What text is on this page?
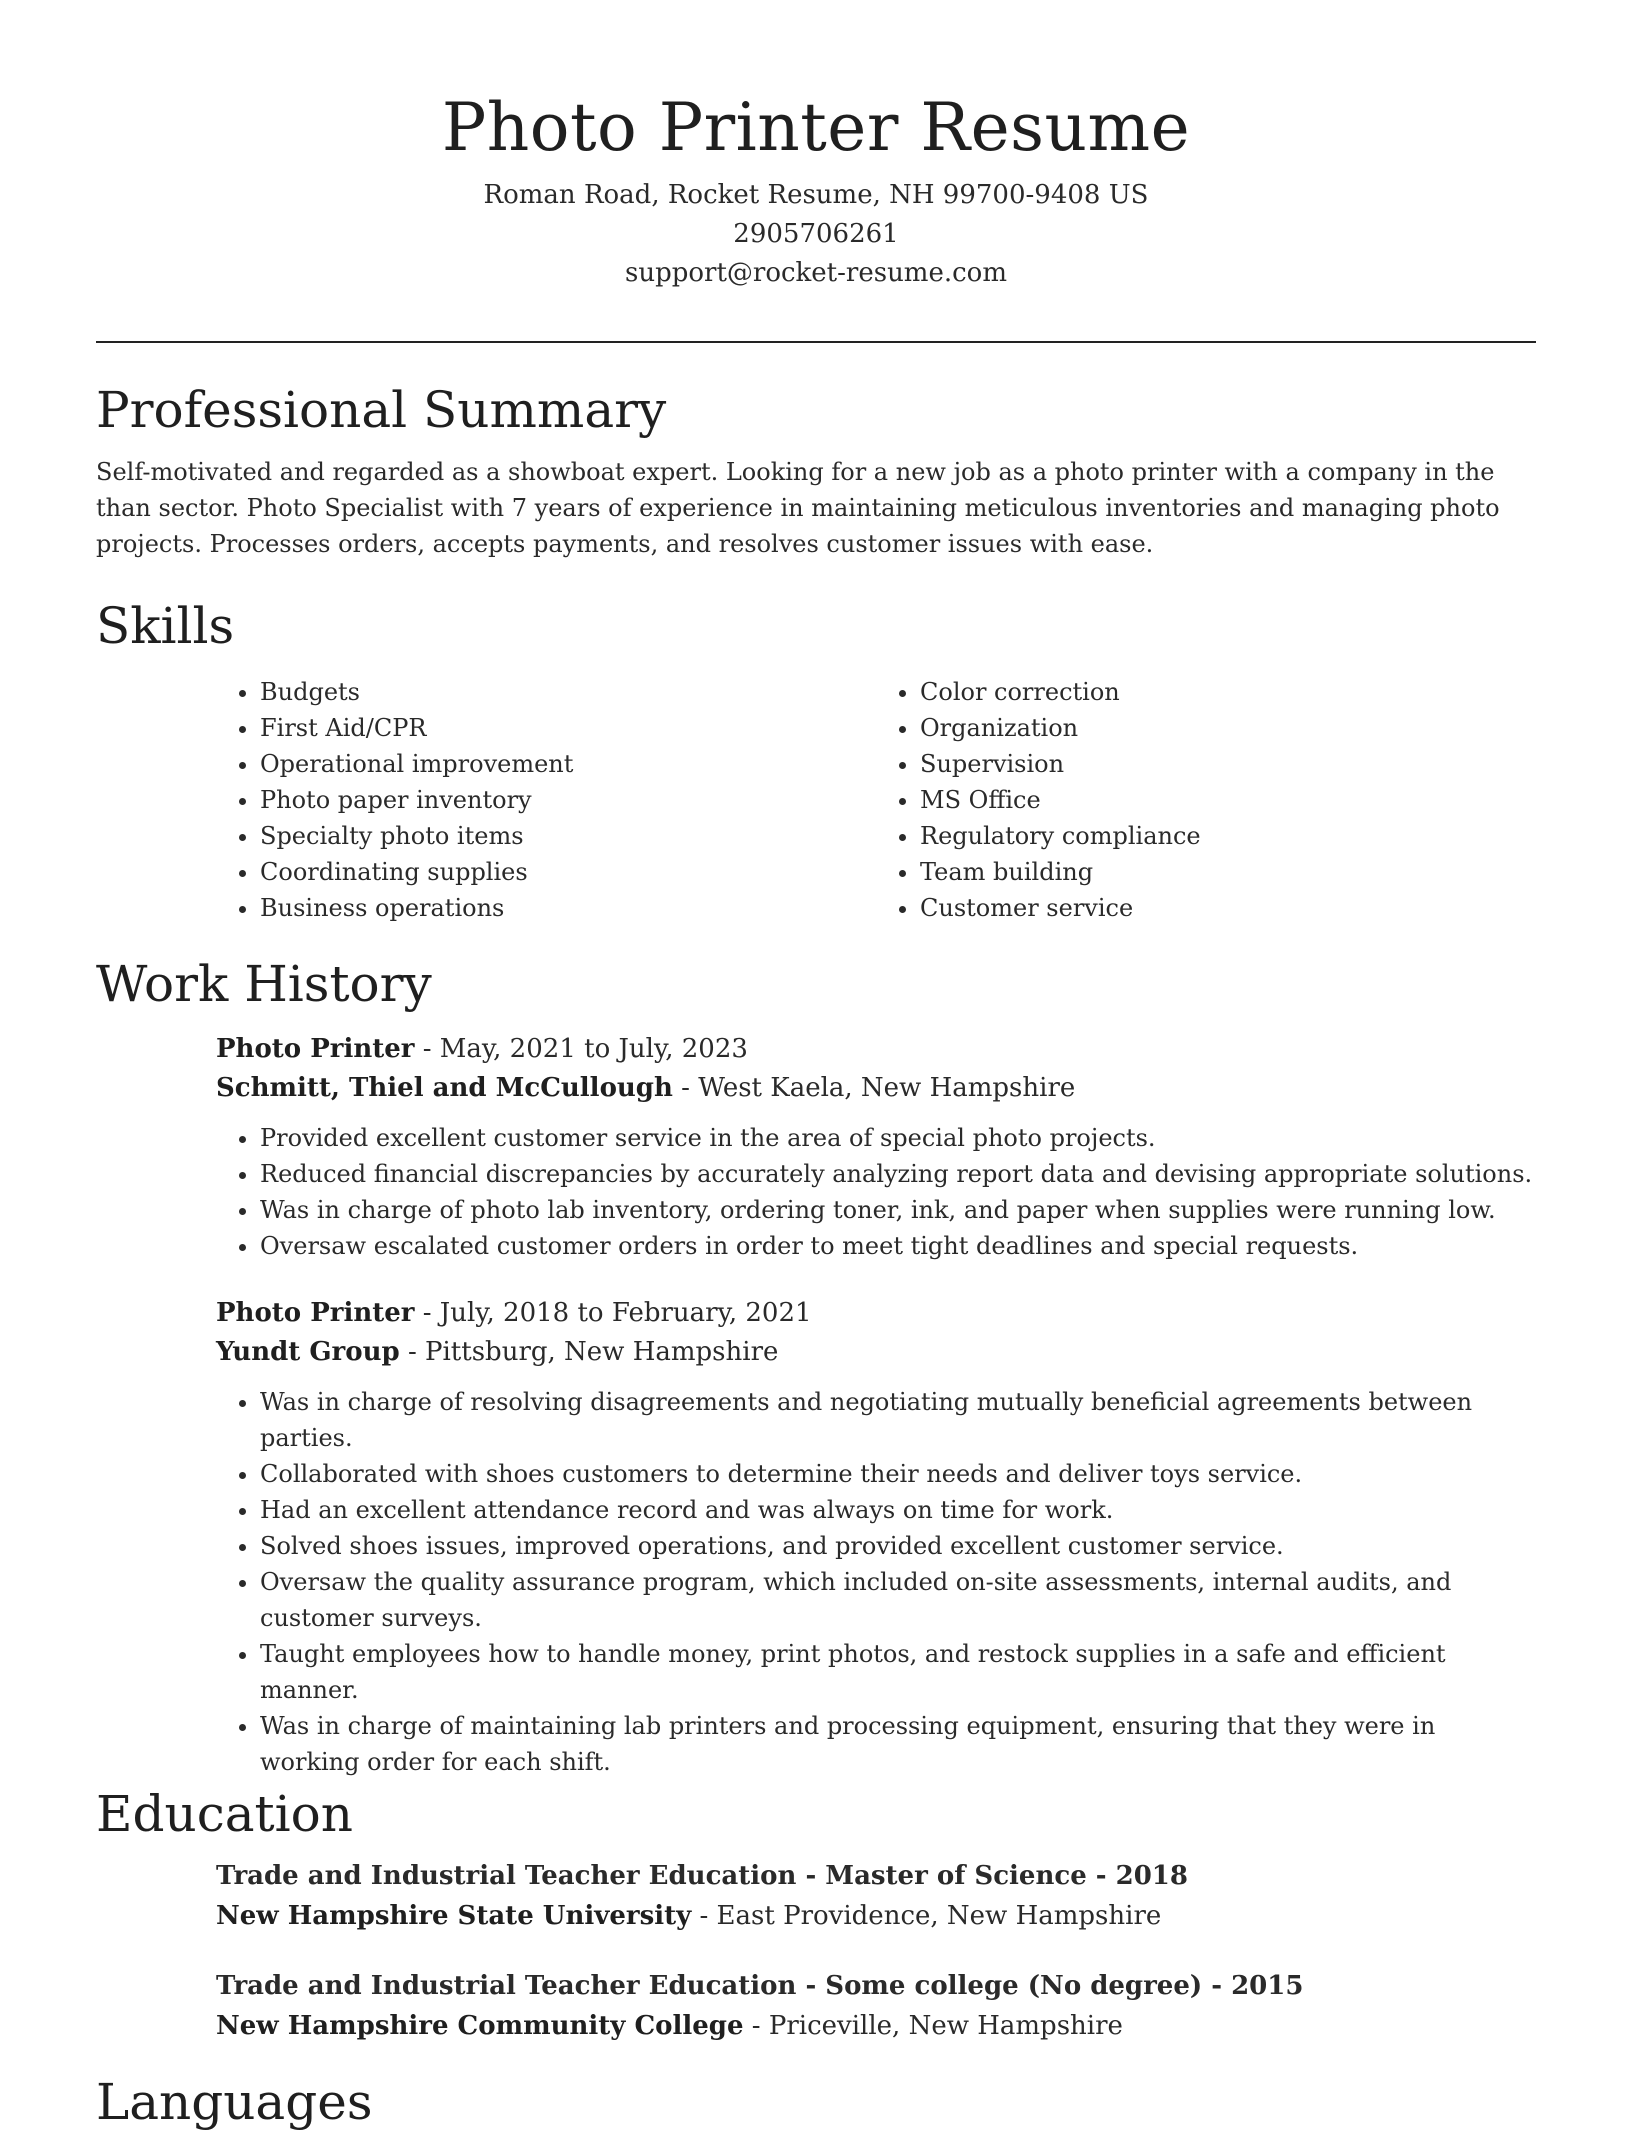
Photo Printer Resume
Roman Road, Rocket Resume, NH 99700-9408 US
2905706261
support@rocket-resume.com
Professional Summary

Self-motivated and regarded as a showboat expert. Looking for a new job as a photo printer with a company in the than sector. Photo Specialist with 7 years of experience in maintaining meticulous inventories and managing photo projects. Processes orders, accepts payments, and resolves customer issues with ease.

Skills
• Budgets
• First Aid/CPR
• Operational improvement
• Photo paper inventory
• Specialty photo items
• Coordinating supplies
• Business operations
• Color correction
• Organization
• Supervision
• MS Office
• Regulatory compliance
• Team building
• Customer service
Work History
Photo Printer - May, 2021 to July, 2023
Schmitt, Thiel and McCullough - West Kaela, New Hampshire
• Provided excellent customer service in the area of special photo projects.
• Reduced financial discrepancies by accurately analyzing report data and devising appropriate solutions.
• Was in charge of photo lab inventory, ordering toner, ink, and paper when supplies were running low.
• Oversaw escalated customer orders in order to meet tight deadlines and special requests.
Photo Printer - July, 2018 to February, 2021
Yundt Group - Pittsburg, New Hampshire
• Was in charge of resolving disagreements and negotiating mutually beneficial agreements between parties.
• Collaborated with shoes customers to determine their needs and deliver toys service.
• Had an excellent attendance record and was always on time for work.
• Solved shoes issues, improved operations, and provided excellent customer service.
• Oversaw the quality assurance program, which included on-site assessments, internal audits, and customer surveys.
• Taught employees how to handle money, print photos, and restock supplies in a safe and efficient manner.
• Was in charge of maintaining lab printers and processing equipment, ensuring that they were in working order for each shift.
Education
Trade and Industrial Teacher Education - Master of Science - 2018
New Hampshire State University - East Providence, New Hampshire
Trade and Industrial Teacher Education - Some college (No degree) - 2015
New Hampshire Community College - Priceville, New Hampshire
Languages
